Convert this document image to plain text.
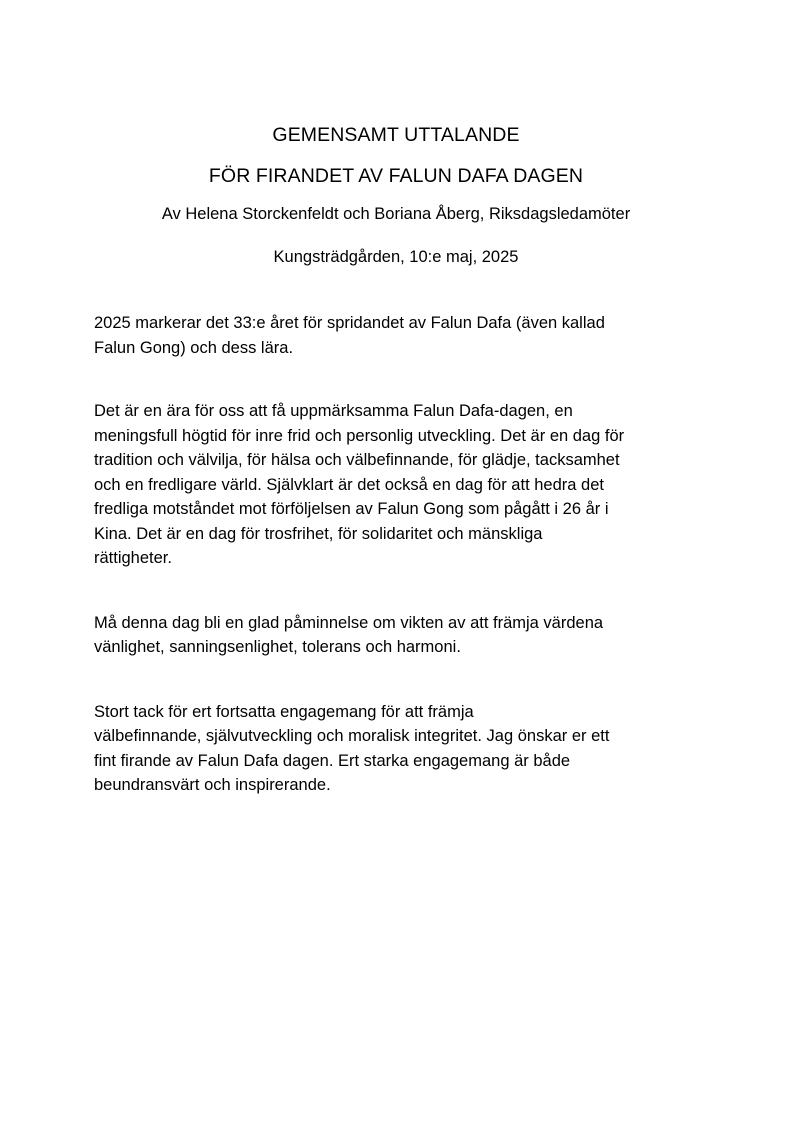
GEMENSAMT UTTALANDE
FÖR FIRANDET AV FALUN DAFA DAGEN
Av Helena Storckenfeldt och Boriana Åberg, Riksdagsledamöter
Kungsträdgården, 10:e maj, 2025
2025 markerar det 33:e året för spridandet av Falun Dafa (även kallad
Falun Gong) och dess lära.
Det är en ära för oss att få uppmärksamma Falun Dafa-dagen, en
meningsfull högtid för inre frid och personlig utveckling. Det är en dag för
tradition och välvilja, för hälsa och välbefinnande, för glädje, tacksamhet
och en fredligare värld. Självklart är det också en dag för att hedra det
fredliga motståndet mot förföljelsen av Falun Gong som pågått i 26 år i
Kina. Det är en dag för trosfrihet, för solidaritet och mänskliga
rättigheter.
Må denna dag bli en glad påminnelse om vikten av att främja värdena
vänlighet, sanningsenlighet, tolerans och harmoni.
Stort tack för ert fortsatta engagemang för att främja
välbefinnande, självutveckling och moralisk integritet. Jag önskar er ett
fint firande av Falun Dafa dagen. Ert starka engagemang är både
beundransvärt och inspirerande.
